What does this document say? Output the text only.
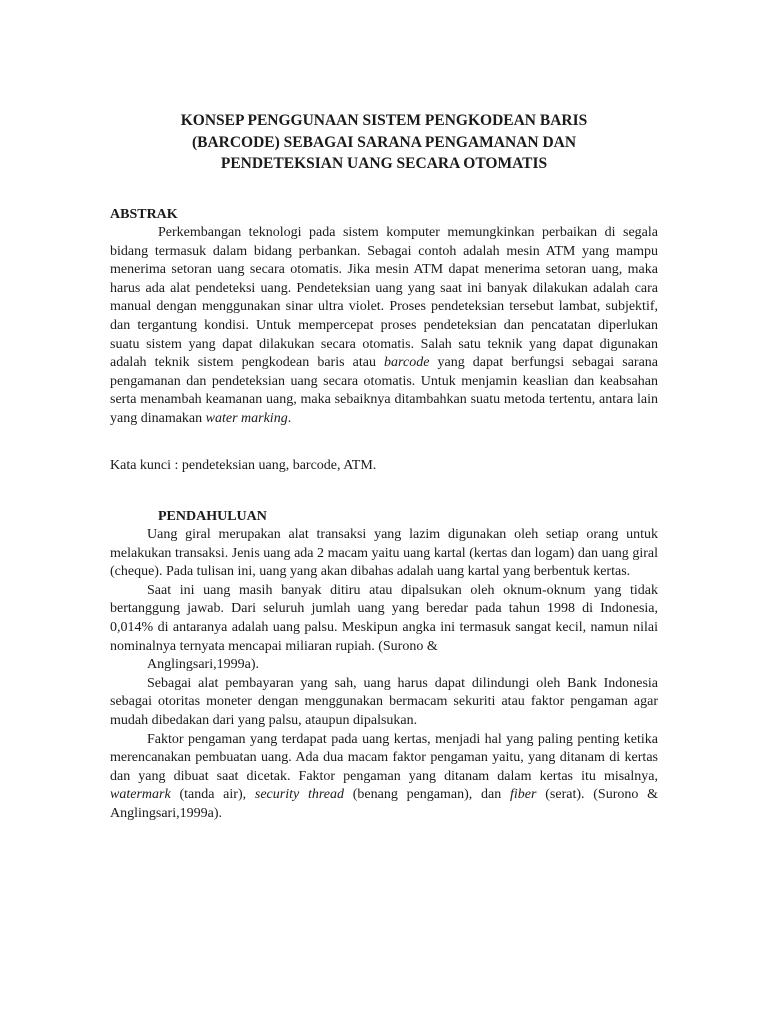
KONSEP PENGGUNAAN SISTEM PENGKODEAN BARIS
(BARCODE) SEBAGAI SARANA PENGAMANAN DAN
PENDETEKSIAN UANG SECARA OTOMATIS
ABSTRAK
Perkembangan teknologi pada sistem komputer memungkinkan perbaikan di segala bidang termasuk dalam bidang perbankan. Sebagai contoh adalah mesin ATM yang mampu menerima setoran uang secara otomatis. Jika mesin ATM dapat menerima setoran uang, maka harus ada alat pendeteksi uang. Pendeteksian uang yang saat ini banyak dilakukan adalah cara manual dengan menggunakan sinar ultra violet. Proses pendeteksian tersebut lambat, subjektif, dan tergantung kondisi. Untuk mempercepat proses pendeteksian dan pencatatan diperlukan suatu sistem yang dapat dilakukan secara otomatis. Salah satu teknik yang dapat digunakan adalah teknik sistem pengkodean baris atau barcode yang dapat berfungsi sebagai sarana pengamanan dan pendeteksian uang secara otomatis. Untuk menjamin keaslian dan keabsahan serta menambah keamanan uang, maka sebaiknya ditambahkan suatu metoda tertentu, antara lain yang dinamakan water marking.
Kata kunci : pendeteksian uang, barcode, ATM.
PENDAHULUAN

Uang giral merupakan alat transaksi yang lazim digunakan oleh setiap orang untuk melakukan transaksi. Jenis uang ada 2 macam yaitu uang kartal (kertas dan logam) dan uang giral (cheque). Pada tulisan ini, uang yang akan dibahas adalah uang kartal yang berbentuk kertas.

Saat ini uang masih banyak ditiru atau dipalsukan oleh oknum-oknum yang tidak bertanggung jawab. Dari seluruh jumlah uang yang beredar pada tahun 1998 di Indonesia, 0,014% di antaranya adalah uang palsu. Meskipun angka ini termasuk sangat kecil, namun nilai nominalnya ternyata mencapai miliaran rupiah. (Surono &
Anglingsari,1999a).

Sebagai alat pembayaran yang sah, uang harus dapat dilindungi oleh Bank Indonesia sebagai otoritas moneter dengan menggunakan bermacam sekuriti atau faktor pengaman agar mudah dibedakan dari yang palsu, ataupun dipalsukan.

Faktor pengaman yang terdapat pada uang kertas, menjadi hal yang paling penting ketika merencanakan pembuatan uang. Ada dua macam faktor pengaman yaitu, yang ditanam di kertas dan yang dibuat saat dicetak. Faktor pengaman yang ditanam dalam kertas itu misalnya, watermark (tanda air), security thread (benang pengaman), dan fiber (serat). (Surono & Anglingsari,1999a).
